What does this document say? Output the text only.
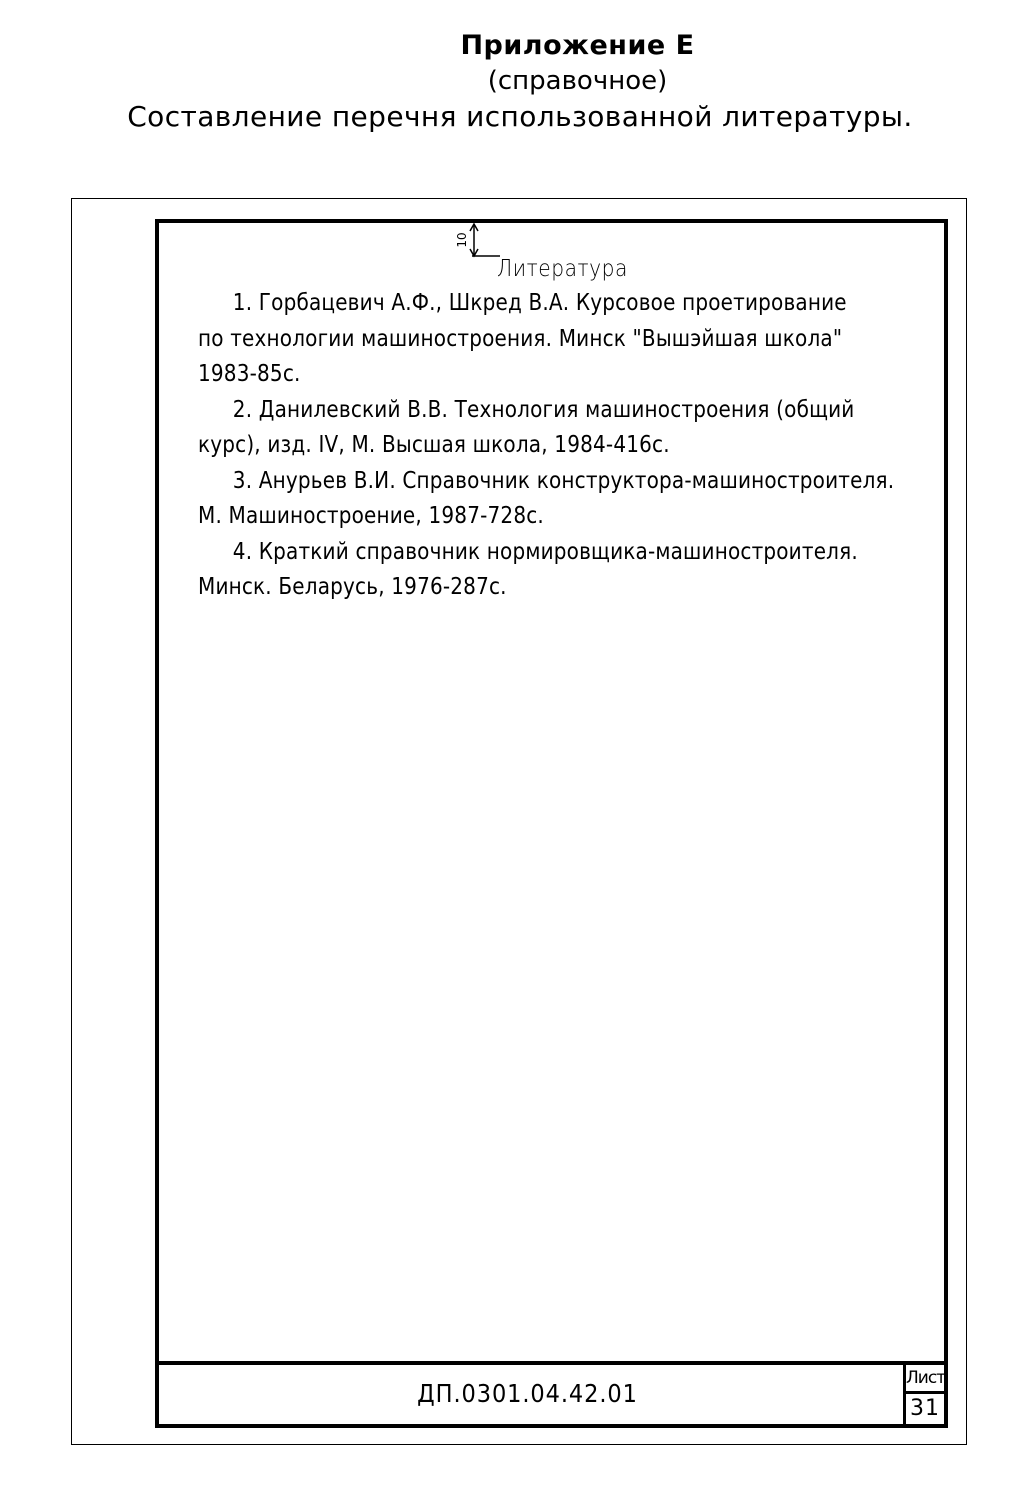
Приложение Е
(справочное)
Составление перечня использованной литературы.
10
Литература
1. Горбацевич А.Ф., Шкред В.А. Курсовое проетирование
по технологии машиностроения. Минск "Вышэйшая школа"
1983-85с.
2. Данилевский В.В. Технология машиностроения (общий
курс), изд. IV, М. Высшая школа, 1984-416с.
3. Анурьев В.И. Справочник конструктора-машиностроителя.
М. Машиностроение, 1987-728с.
4. Краткий справочник нормировщика-машиностроителя.
Минск. Беларусь, 1976-287с.
ДП.0301.04.42.01
Лист
31
